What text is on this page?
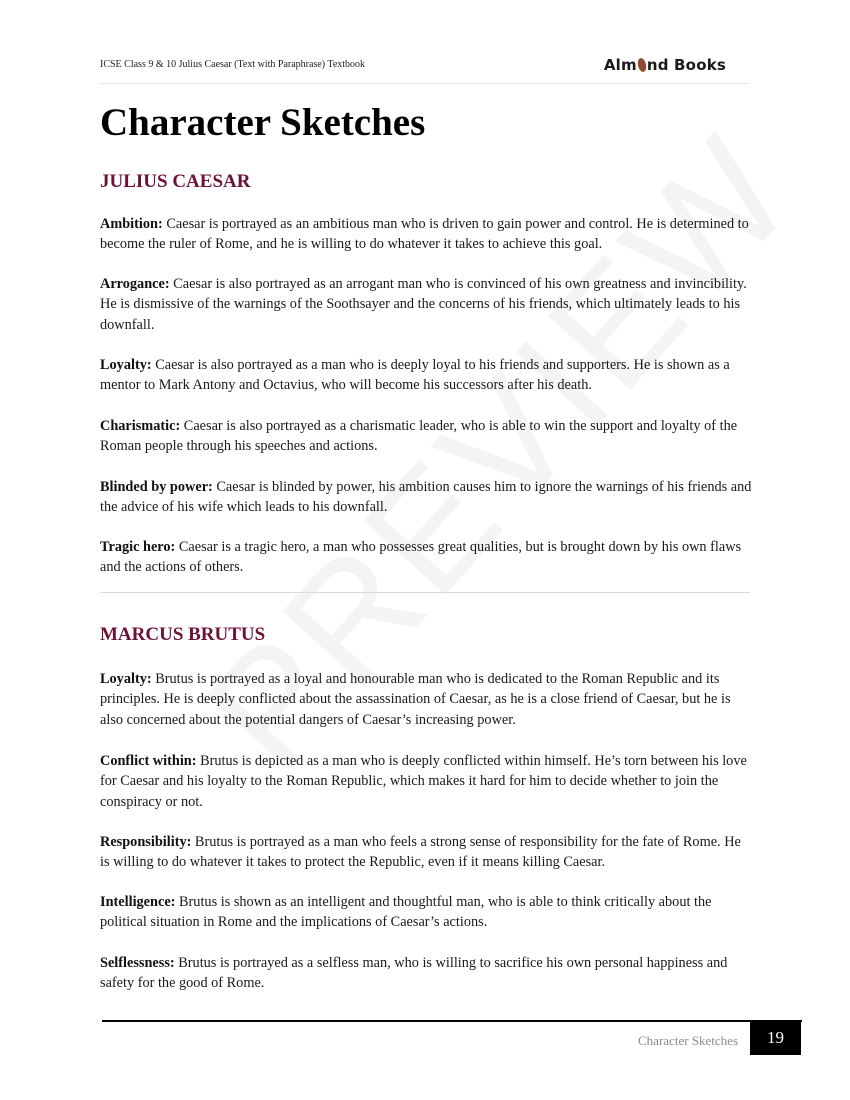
ICSE Class 9 & 10 Julius Caesar (Text with Paraphrase) Textbook	Alm nd Books
Character Sketches
JULIUS CAESAR

Ambition: Caesar is portrayed as an ambitious man who is driven to gain power and control. He is determined to become the ruler of Rome, and he is willing to do whatever it takes to achieve this goal.

Arrogance: Caesar is also portrayed as an arrogant man who is convinced of his own greatness and invincibility. He is dismissive of the warnings of the Soothsayer and the concerns of his friends, which ultimately leads to his downfall.

Loyalty: Caesar is also portrayed as a man who is deeply loyal to his friends and supporters. He is shown as a mentor to Mark Antony and Octavius, who will become his successors after his death.

Charismatic: Caesar is also portrayed as a charismatic leader, who is able to win the support and loyalty of the Roman people through his speeches and actions.

Blinded by power: Caesar is blinded by power, his ambition causes him to ignore the warnings of his friends and the advice of his wife which leads to his downfall.

Tragic hero: Caesar is a tragic hero, a man who possesses great qualities, but is brought down by his own flaws and the actions of others.

MARCUS BRUTUS

Loyalty: Brutus is portrayed as a loyal and honourable man who is dedicated to the Roman Republic and its principles. He is deeply conflicted about the assassination of Caesar, as he is a close friend of Caesar, but he is also concerned about the potential dangers of Caesar’s increasing power.

Conflict within: Brutus is depicted as a man who is deeply conflicted within himself. He’s torn between his love for Caesar and his loyalty to the Roman Republic, which makes it hard for him to decide whether to join the conspiracy or not.

Responsibility: Brutus is portrayed as a man who feels a strong sense of responsibility for the fate of Rome. He is willing to do whatever it takes to protect the Republic, even if it means killing Caesar.

Intelligence: Brutus is shown as an intelligent and thoughtful man, who is able to think critically about the political situation in Rome and the implications of Caesar’s actions.

Selflessness: Brutus is portrayed as a selfless man, who is willing to sacrifice his own personal happiness and safety for the good of Rome.

Character Sketches	19
